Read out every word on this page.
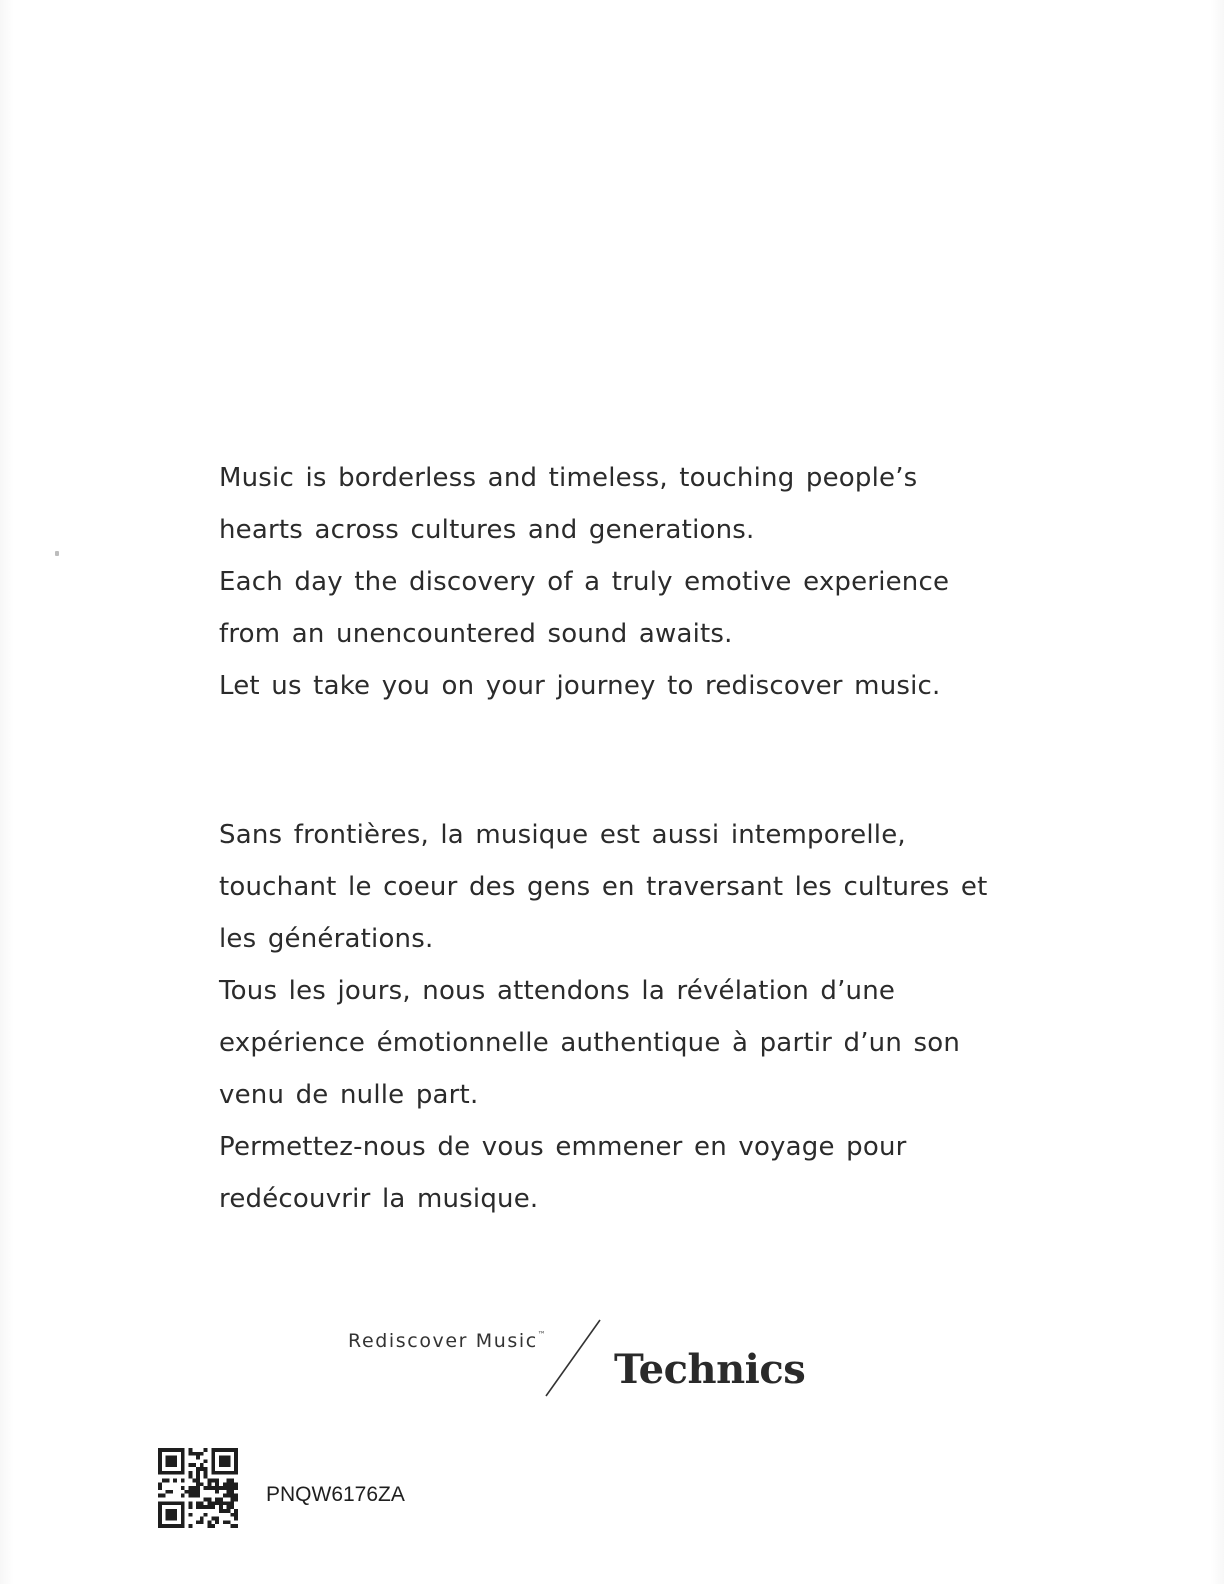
Music is borderless and timeless, touching people’s
hearts across cultures and generations.
Each day the discovery of a truly emotive experience
from an unencountered sound awaits.
Let us take you on your journey to rediscover music.

Sans frontières, la musique est aussi intemporelle,
touchant le coeur des gens en traversant les cultures et
les générations.
Tous les jours, nous attendons la révélation d’une
expérience émotionnelle authentique à partir d’un son
venu de nulle part.
Permettez-nous de vous emmener en voyage pour
redécouvrir la musique.

Rediscover Music™
Technics
PNQW6176ZA
